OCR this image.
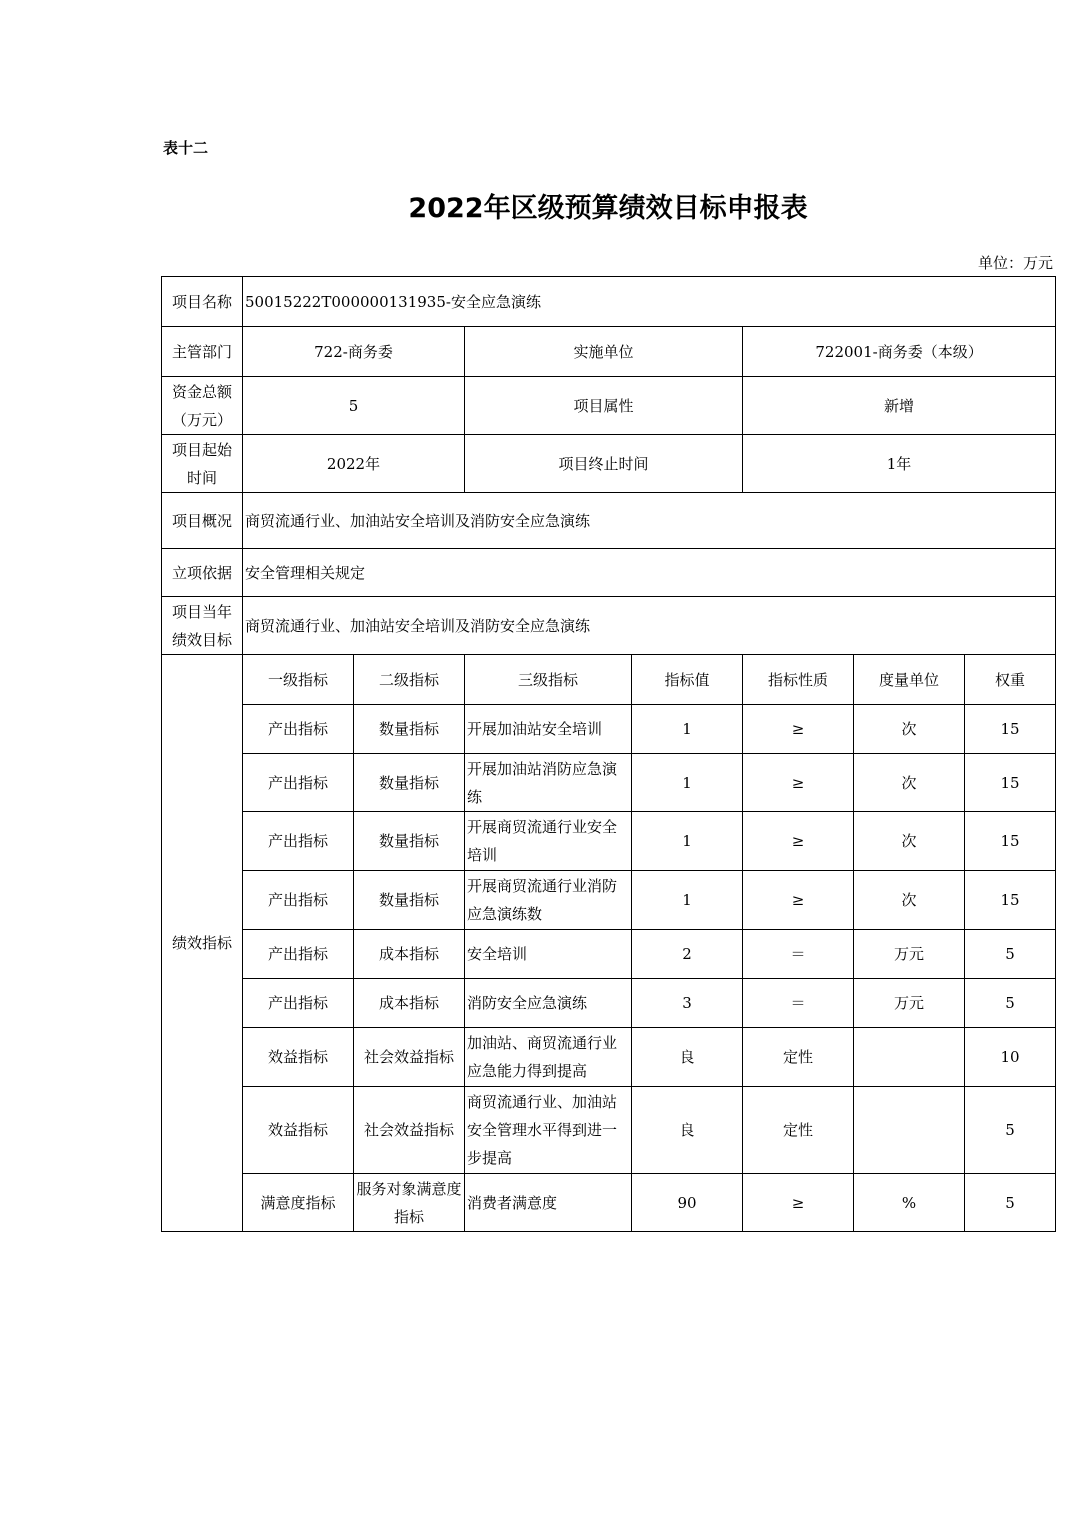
表十二
2022年区级预算绩效目标申报表
单位：万元
项目名称	50015222T000000131935-安全应急演练						
主管部门	722-商务委		实施单位		722001-商务委（本级）		
资金总额（万元）	5		项目属性		新增		
项目起始时间	2022年		项目终止时间		1年		
项目概况	商贸流通行业、加油站安全培训及消防安全应急演练						
立项依据	安全管理相关规定						
项目当年绩效目标	商贸流通行业、加油站安全培训及消防安全应急演练						
绩效指标	一级指标	二级指标	三级指标	指标值	指标性质	度量单位	权重
	产出指标	数量指标	开展加油站安全培训	1	≥	次	15
	产出指标	数量指标	开展加油站消防应急演练	1	≥	次	15
	产出指标	数量指标	开展商贸流通行业安全培训	1	≥	次	15
	产出指标	数量指标	开展商贸流通行业消防应急演练数	1	≥	次	15
	产出指标	成本指标	安全培训	2	＝	万元	5
	产出指标	成本指标	消防安全应急演练	3	＝	万元	5
	效益指标	社会效益指标	加油站、商贸流通行业应急能力得到提高	良	定性		10
	效益指标	社会效益指标	商贸流通行业、加油站安全管理水平得到进一步提高	良	定性		5
	满意度指标	服务对象满意度指标	消费者满意度	90	≥	%	5
